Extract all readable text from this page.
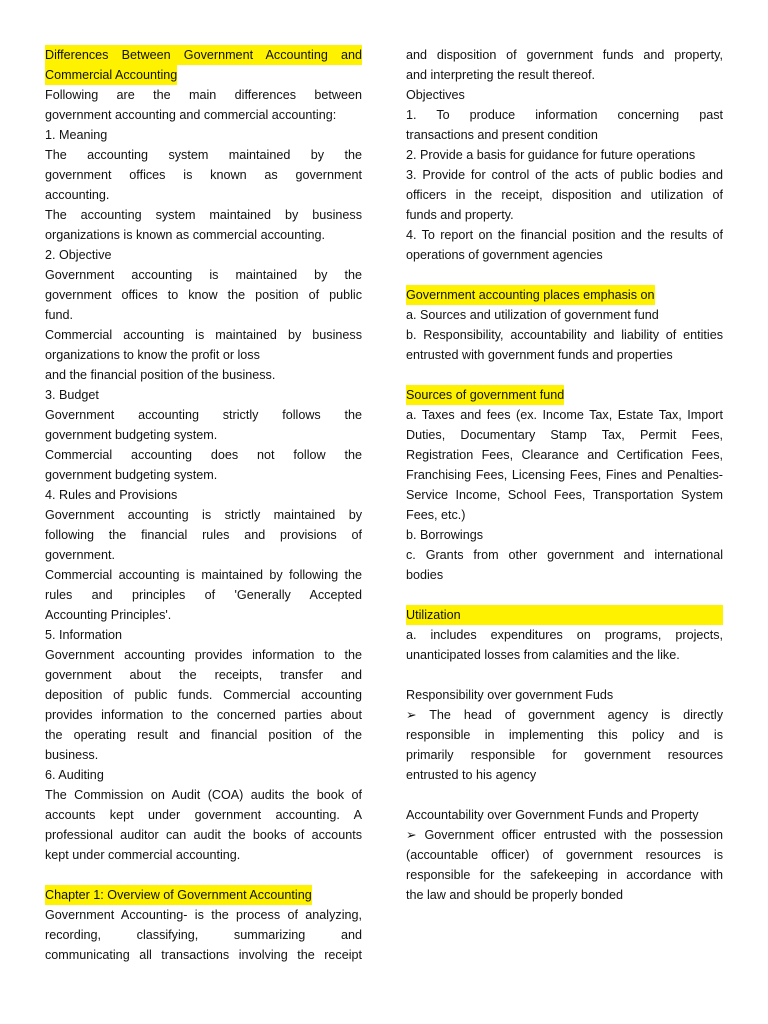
Differences Between Government Accounting and
Commercial Accounting
Following are the main differences between
government accounting and commercial accounting:
1. Meaning
The accounting system maintained by the
government offices is known as government
accounting.
The accounting system maintained by business
organizations is known as commercial accounting.
2. Objective
Government accounting is maintained by the
government offices to know the position of public
fund.
Commercial accounting is maintained by business
organizations to know the profit or loss
and the financial position of the business.
3. Budget
Government accounting strictly follows the
government budgeting system.
Commercial accounting does not follow the
government budgeting system.
4. Rules and Provisions
Government accounting is strictly maintained by
following the financial rules and provisions of
government.
Commercial accounting is maintained by following the
rules and principles of 'Generally Accepted
Accounting Principles'.
5. Information
Government accounting provides information to the
government about the receipts, transfer and
deposition of public funds. Commercial accounting
provides information to the concerned parties about
the operating result and financial position of the
business.
6. Auditing
The Commission on Audit (COA) audits the book of
accounts kept under government accounting. A
professional auditor can audit the books of accounts
kept under commercial accounting.
Chapter 1: Overview of Government Accounting
Government Accounting- is the process of analyzing,
recording, classifying, summarizing and
communicating all transactions involving the receipt
and disposition of government funds and property,
and interpreting the result thereof.
Objectives
1. To produce information concerning past
transactions and present condition
2. Provide a basis for guidance for future operations
3. Provide for control of the acts of public bodies and
officers in the receipt, disposition and utilization of
funds and property.
4. To report on the financial position and the results of
operations of government agencies
Government accounting places emphasis on
a. Sources and utilization of government fund
b. Responsibility, accountability and liability of entities
entrusted with government funds and properties
Sources of government fund
a. Taxes and fees (ex. Income Tax, Estate Tax, Import
Duties, Documentary Stamp Tax, Permit Fees,
Registration Fees, Clearance and Certification Fees,
Franchising Fees, Licensing Fees, Fines and Penalties-
Service Income, School Fees, Transportation System
Fees, etc.)
b. Borrowings
c. Grants from other government and international
bodies
Utilization
a. includes expenditures on programs, projects,
unanticipated losses from calamities and the like.
Responsibility over government Fuds
➢ The head of government agency is directly
responsible in implementing this policy and is
primarily responsible for government resources
entrusted to his agency
Accountability over Government Funds and Property
➢ Government officer entrusted with the possession
(accountable officer) of government resources is
responsible for the safekeeping in accordance with
the law and should be properly bonded
